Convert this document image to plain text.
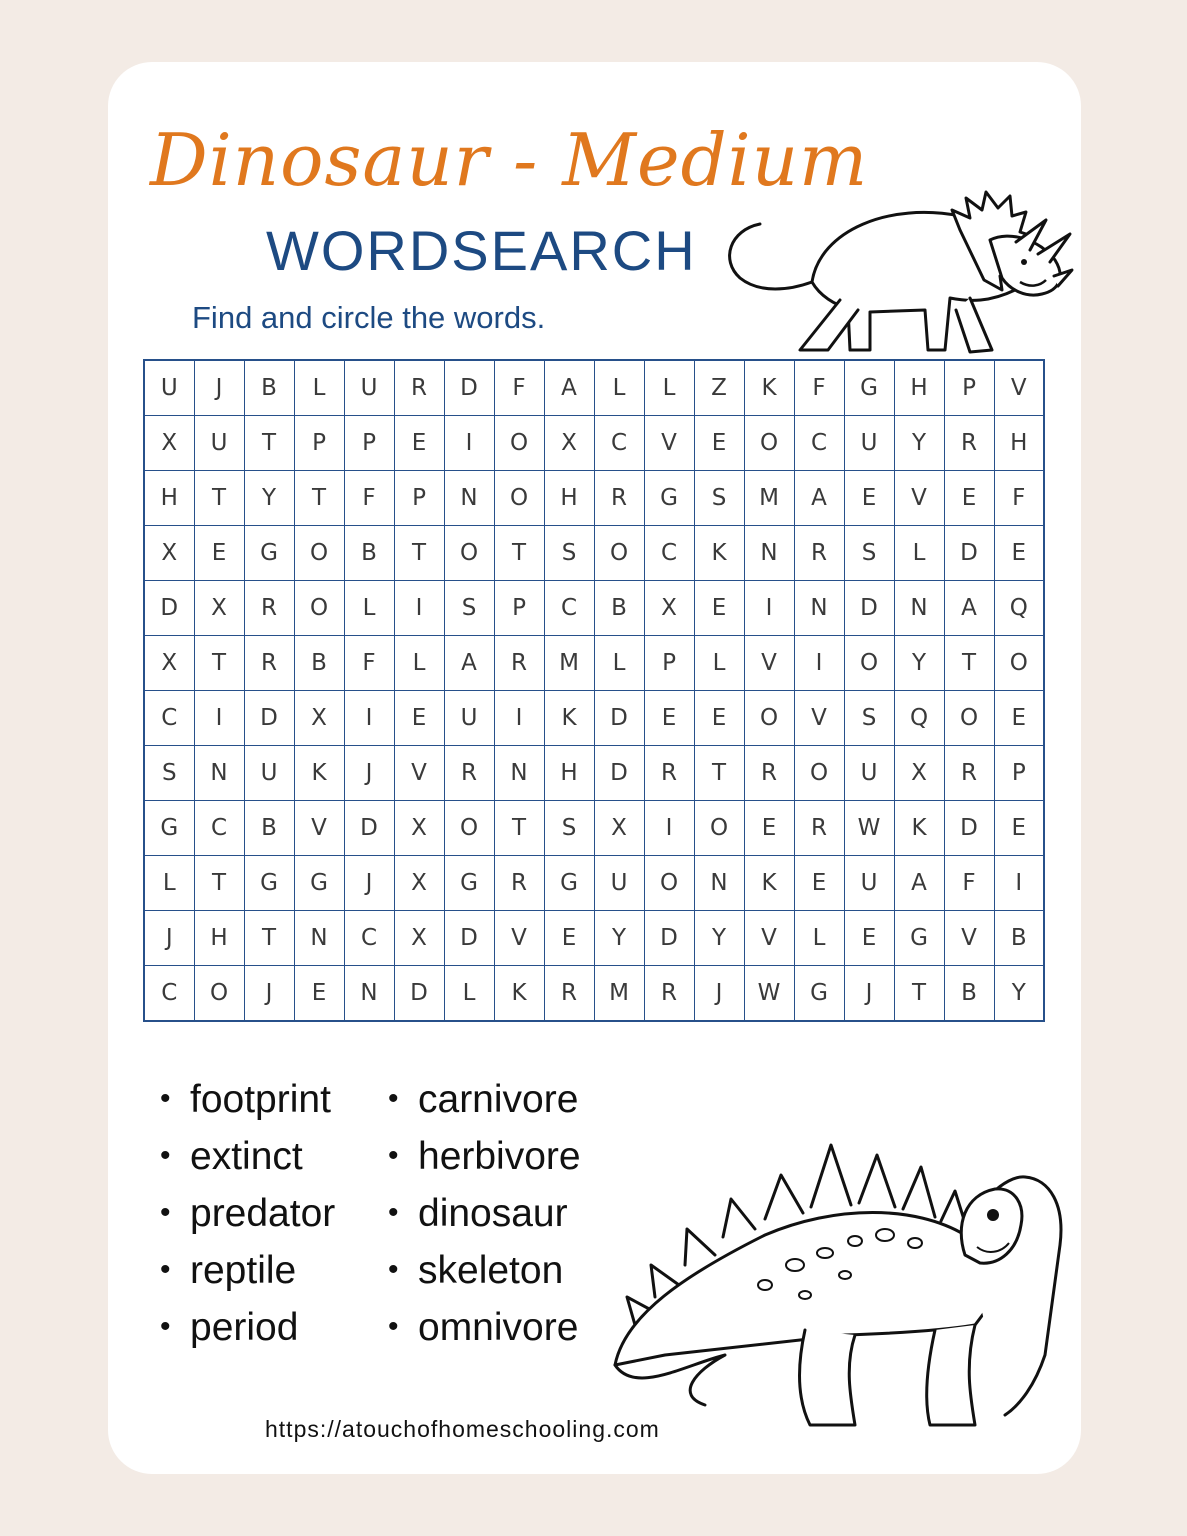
Dinosaur - Medium
WORDSEARCH
Find and circle the words.
U	J	B	L	U	R	D	F	A	L	L	Z	K	F	G	H	P	V
X	U	T	P	P	E	I	O	X	C	V	E	O	C	U	Y	R	H
H	T	Y	T	F	P	N	O	H	R	G	S	M	A	E	V	E	F
X	E	G	O	B	T	O	T	S	O	C	K	N	R	S	L	D	E
D	X	R	O	L	I	S	P	C	B	X	E	I	N	D	N	A	Q
X	T	R	B	F	L	A	R	M	L	P	L	V	I	O	Y	T	O
C	I	D	X	I	E	U	I	K	D	E	E	O	V	S	Q	O	E
S	N	U	K	J	V	R	N	H	D	R	T	R	O	U	X	R	P
G	C	B	V	D	X	O	T	S	X	I	O	E	R	W	K	D	E
L	T	G	G	J	X	G	R	G	U	O	N	K	E	U	A	F	I
J	H	T	N	C	X	D	V	E	Y	D	Y	V	L	E	G	V	B
C	O	J	E	N	D	L	K	R	M	R	J	W	G	J	T	B	Y
• footprint
• extinct
• predator
• reptile
• period
• carnivore
• herbivore
• dinosaur
• skeleton
• omnivore
https://atouchofhomeschooling.com
